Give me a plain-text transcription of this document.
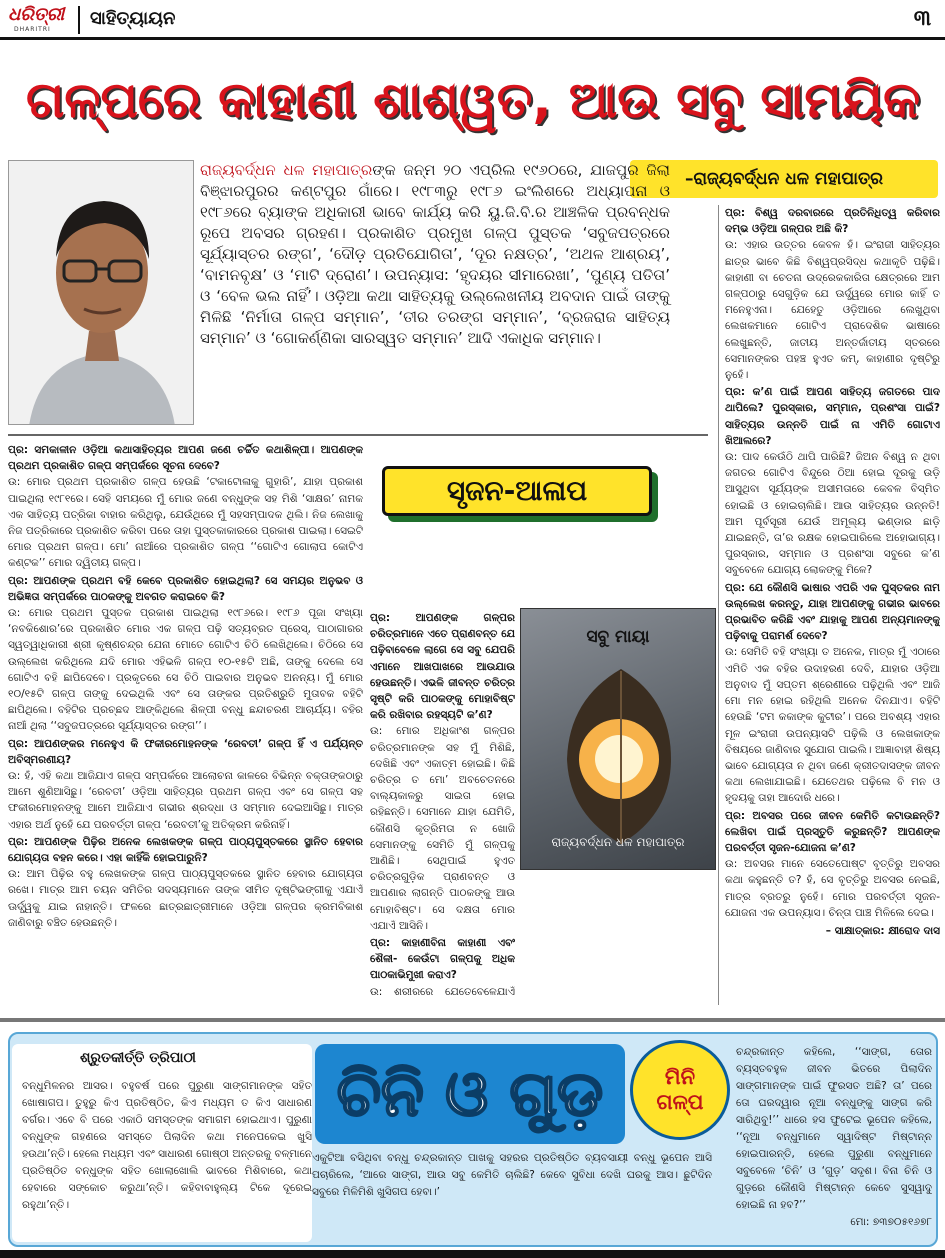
ଧରିତ୍ରୀ
DHARITRI
ସାହିତ୍ୟାୟନ	୩
ଗଳ୍ପରେ କାହାଣୀ ଶାଶ୍ୱତ, ଆଉ ସବୁ ସାମୟିକ
–ରାଜ୍ୟବର୍ଦ୍ଧନ ଧଳ ମହାପାତ୍ର

ରାଜ୍ୟବର୍ଦ୍ଧନ ଧଳ ମହାପାତ୍ରଙ୍କ ଜନ୍ମ ୨୦ ଏପ୍ରିଲ ୧୯୬୦ରେ, ଯାଜପୁର ଜିଲା ବିଞ୍ଝାରପୁରର କଣ୍ଟପୁର ଗାଁରେ। ୧୯୮୩ରୁ ୧୯୮୬ ଇଂଲିଶରେ ଅଧ୍ୟାପନା ଓ ୧୯୮୬ରେ ବ୍ୟାଙ୍କ ଅଧିକାରୀ ଭାବେ କାର୍ଯ୍ୟ କରି ୟୁ.ଜି.ବି.ର ଆଞ୍ଚଳିକ ପ୍ରବନ୍ଧକ ରୂପେ ଅବସର ଗ୍ରହଣ। ପ୍ରକାଶିତ ପ୍ରମୁଖ ଗଳ୍ପ ପୁସ୍ତକ ‘ସବୁଜପତ୍ରରେ ସୂର୍ଯ୍ୟାସ୍ତର ରଙ୍ଗ’, ‘ଦୌଡ଼ ପ୍ରତିଯୋଗିତା’, ‘ଦୂର ନକ୍ଷତ୍ର’, ‘ଅଥଳ ଆଶ୍ରୟ’, ‘ବାମନବୃକ୍ଷ’ ଓ ‘ମାଟି ଦ୍ରୋଣ’। ଉପନ୍ୟାସ: ‘ହୃଦୟର ସୀମାରେଖା’, ‘ପୁଣ୍ୟ ପତିତା’ ଓ ‘ବେଳ ଭଲ ନାହିଁ’। ଓଡ଼ିଆ କଥା ସାହିତ୍ୟକୁ ଉଲ୍ଲେଖନୀୟ ଅବଦାନ ପାଇଁ ତାଙ୍କୁ ମିଳିଛି ‘ନିର୍ମାତା ଗଳ୍ପ ସମ୍ମାନ’, ‘ତୀର ତରଙ୍ଗ ସମ୍ମାନ’, ‘ବ୍ରଜରାଜ ସାହିତ୍ୟ ସମ୍ମାନ’ ଓ ‘ଗୋକର୍ଣ୍ଣିକା ସାରସ୍ୱତ ସମ୍ମାନ’ ଆଦି ଏକାଧିକ ସମ୍ମାନ।

ପ୍ର: ସମକାଳୀନ ଓଡ଼ିଆ କଥାସାହିତ୍ୟର ଆପଣ ଜଣେ ଚର୍ଚ୍ଚିତ କଥାଶିଳ୍ପୀ। ଆପଣଙ୍କ ପ୍ରଥମ ପ୍ରକାଶିତ ଗଳ୍ପ ସମ୍ପର୍କରେ ସୂଚନା ଦେବେ?

ଉ: ମୋର ପ୍ରଥମ ପ୍ରକାଶିତ ଗଳ୍ପ ହେଉଛି ‘ଟକାଟୋଳାକୁ ଗୁହାରି’, ଯାହା ପ୍ରକାଶ ପାଇଥିଲା ୧୯୮୧ରେ। ସେହି ସମୟରେ ମୁଁ ମୋର ଜଣେ ବନ୍ଧୁଙ୍କ ସହ ମିଶି ‘ସାକ୍ଷର’ ନାମକ ଏକ ସାହିତ୍ୟ ପତ୍ରିକା ବାହାର କରିଥିଲୁ, ଯେଉଁଥିରେ ମୁଁ ସହସମ୍ପାଦକ ଥିଲି। ନିଜ ଲେଖାକୁ ନିଜ ପତ୍ରିକାରେ ପ୍ରକାଶିତ କରିବା ପରେ ତାହା ପୁସ୍ତକାକାରରେ ପ୍ରକାଶ ପାଇଲା। ସେଇଟି ମୋର ପ୍ରଥମ ଗଳ୍ପ। ମୋ’ ନାଆଁରେ ପ୍ରକାଶିତ ଗଳ୍ପ ‘‘ଗୋଟିଏ ଗୋଲାପ କୋଟିଏ କଣ୍ଟକ’’ ମୋର ଦ୍ୱିତୀୟ ଗଳ୍ପ।

ପ୍ର: ଆପଣଙ୍କ ପ୍ରଥମ ବହି କେବେ ପ୍ରକାଶିତ ହୋଇଥିଲା? ସେ ସମୟର ଅନୁଭବ ଓ ଅଭିଜ୍ଞତା ସମ୍ପର୍କରେ ପାଠକଙ୍କୁ ଅବଗତ କରାଇବେ କି?

ଉ: ମୋର ପ୍ରଥମ ପୁସ୍ତକ ପ୍ରକାଶ ପାଇଥିଲା ୧୯୮୬ରେ। ୧୯୮୬ ପୂଜା ସଂଖ୍ୟା ‘ନବକିଶୋର’ରେ ପ୍ରକାଶିତ ମୋର ଏକ ଗଳ୍ପ ପଢ଼ି ସତ୍ୟବ୍ରତ ପ୍ରେସ୍‌, ପାଠାଗାରର ସ୍ୱତ୍ୱାଧିକାରୀ ଶ୍ରୀ କୃଷ୍ଣଚନ୍ଦ୍ର ଯେନା ମୋତେ ଗୋଟିଏ ଚିଠି ଲେଖିଥିଲେ। ଚିଠିରେ ସେ ଉଲ୍ଲେଖ କରିଥିଲେ ଯଦି ମୋର ଏହିଭଳି ଗଳ୍ପ ୧୦-୧୫ଟି ଅଛି, ତାଙ୍କୁ ଦେଲେ ସେ ଗୋଟିଏ ବହି ଛାପିଦେବେ। ପ୍ରକୃତରେ ସେ ଚିଠି ପାଇବାର ଅନୁଭବ ଅନନ୍ୟ। ମୁଁ ମୋର ୧୦/୧୫ଟି ଗଳ୍ପ ତାଙ୍କୁ ଦେଇଥିଲି ଏବଂ ସେ ତାଙ୍କର ପ୍ରତିଶ୍ରୁତି ମୁତାବକ ବହିଟି ଛାପିଥିଲେ। ବହିଟିର ପ୍ରଚ୍ଛଦ ଆଙ୍କିଥିଲେ ଶିଳ୍ପୀ ବନ୍ଧୁ ଛନ୍ଦାଚରଣ ଆଚାର୍ଯ୍ୟ। ବହିର ନାଆଁ ଥିଲା ‘‘ସବୁଜପତ୍ରରେ ସୂର୍ଯ୍ୟାସ୍ତର ରଙ୍ଗ’’।

ପ୍ର: ଆପଣଙ୍କର ମନେହୁଏ କି ଫକୀରମୋହନଙ୍କ ‘ରେବତୀ’ ଗଳ୍ପ ହିଁ ଏ ପର୍ଯ୍ୟନ୍ତ ଅବିସ୍ମରଣୀୟ?

ଉ: ହଁ, ଏହି କଥା ଆଜିଯାଏ ଗଳ୍ପ ସମ୍ପର୍କରେ ଆଲୋଚନା କାଳରେ ବିଭିନ୍ନ ବକ୍ତାଙ୍କଠାରୁ ଆମେ ଶୁଣିଆସିଛୁ। ‘ରେବତୀ’ ଓଡ଼ିଆ ସାହିତ୍ୟର ପ୍ରଥମ ଗଳ୍ପ ଏବଂ ସେ ଗଳ୍ପ ସହ ଫକୀରମୋହନଙ୍କୁ ଆମେ ଆଜିଯାଏ ଗଭୀର ଶ୍ରଦ୍ଧା ଓ ସମ୍ମାନ ଦେଇଆସିଛୁ। ମାତ୍ର ଏହାର ଅର୍ଥ ନୁହେଁ ଯେ ପରବର୍ତ୍ତୀ ଗଳ୍ପ ‘ରେବତୀ’କୁ ଅତିକ୍ରମ କରିନାହିଁ।

ପ୍ର: ଆପଣଙ୍କ ପିଢ଼ିର ଅନେକ ଲେଖକଙ୍କ ଗଳ୍ପ ପାଠ୍ୟପୁସ୍ତକରେ ସ୍ଥାନିତ ହେବାର ଯୋଗ୍ୟତା ବହନ କରେ। ଏହା କାହିଁକି ହୋଇପାରୁନି?

ଉ: ଆମ ପିଢ଼ିର ବହୁ ଲେଖକଙ୍କ ଗଳ୍ପ ପାଠ୍ୟପୁସ୍ତକରେ ସ୍ଥାନିତ ହେବାର ଯୋଗ୍ୟତା ରଖେ। ମାତ୍ର ଆମ ଚୟନ ସମିତିର ସଦସ୍ୟମାନେ ତାଙ୍କ ସୀମିତ ଦୃଷ୍ଟିଭଙ୍ଗୀକୁ ଏଯାଏଁ ଊର୍ଦ୍ଧ୍ୱକୁ ଯାଇ ନାହାନ୍ତି। ଫଳରେ ଛାତ୍ରଛାତ୍ରୀମାନେ ଓଡ଼ିଆ ଗଳ୍ପର କ୍ରମବିକାଶ ଜାଣିବାରୁ ବଞ୍ଚିତ ହେଉଛନ୍ତି।

ସୃଜନ-ଆଳାପ

ପ୍ର: ଆପଣଙ୍କ ଗଳ୍ପର ଚରିତ୍ରମାନେ ଏତେ ପ୍ରାଣବନ୍ତ ଯେ ପଢ଼ିବାବେଳେ ଲାଗେ ସେ ସବୁ ଯେପରି ଏମାନେ ଆଖପାଖରେ ଆଉଯାଉ ହେଉଛନ୍ତି। ଏଭଳି ଜୀବନ୍ତ ଚରିତ୍ର ସୃଷ୍ଟି କରି ପାଠକଙ୍କୁ ମୋହାବିଷ୍ଟ କରି ରଖିବାର ରହସ୍ୟଟି କ’ଣ?

ଉ: ମୋର ଅଧିକାଂଶ ଗଳ୍ପର ଚରିତ୍ରମାନଙ୍କ ସହ ମୁଁ ମିଶିଛି, ଦେଖିଛି ଏବଂ ଏକାତ୍ମ ହୋଇଛି। କିଛି ଚରିତ୍ର ତ ମୋ’ ଅବଚେତନରେ ବାଲ୍ୟକାଳରୁ ସାଇତା ହୋଇ ରହିଛନ୍ତି। ସେମାନେ ଯାହା ଯେମିତି, କୌଣସି କୃତ୍ରିମତା ନ ଖୋଜି ସେମାନଙ୍କୁ ସେମିତି ମୁଁ ଗଳ୍ପକୁ ଆଣିଛି। ସେଥିପାଇଁ ହୁଏତ ଚରିତ୍ରଗୁଡ଼ିକ ପ୍ରାଣବନ୍ତ ଓ ଆପଣାର ଲାଗନ୍ତି ପାଠକଙ୍କୁ ଆଉ ମୋହାବିଷ୍ଟ। ସେ ଦକ୍ଷତା ମୋର ଏଯାଏଁ ଆସିନି।

ପ୍ର: କାହାଣୀବିନା କାହାଣୀ ଏବଂ ଶୈଳୀ- କେଉଁଟା ଗଳ୍ପକୁ ଅଧିକ ପାଠକାଭିମୁଖୀ କରାଏ?

ଉ: ଶରୀରରେ ଯେତେବେଳେଯାଏଁ

ସବୁ ମାୟା
ରାଜ୍ୟବର୍ଦ୍ଧନ ଧଳ ମହାପାତ୍ର

ପ୍ର: ବିଶ୍ୱ ଦରବାରରେ ପ୍ରତିନିଧିତ୍ୱ କରିବାର ଦମ୍ଭ ଓଡ଼ିଆ ଗଳ୍ପର ଅଛି କି?

ଉ: ଏହାର ଉତ୍ତର କେବଳ ହଁ। ଇଂରାଜୀ ସାହିତ୍ୟର ଛାତ୍ର ଭାବେ କିଛି ବିଶ୍ୱପ୍ରସିଦ୍ଧ କଥାକୃତି ପଢ଼ିଛି। କାହାଣୀ ବା ଚେତନା ଉଦ୍ରେକକାରିତା କ୍ଷେତ୍ରରେ ଆମ ଗଳ୍ପଠାରୁ ସେଗୁଡ଼ିକ ଯେ ଊର୍ଦ୍ଧ୍ୱରେ ମୋର କାହିଁ ତ ମନେହୁଏନା। ଯେହେତୁ ଓଡ଼ିଆରେ ଲେଖୁଥିବା ଲେଖକମାନେ ଗୋଟିଏ ପ୍ରାଦେଶିକ ଭାଷାରେ ଲେଖୁଛନ୍ତି, ଜାତୀୟ ଅନ୍ତର୍ଜାତୀୟ ସ୍ତରରେ ସେମାନଙ୍କର ପହଞ୍ଚ ହୁଏତ କମ୍‌, କାହାଣୀର ଦୃଷ୍ଟିରୁ ନୁହେଁ।

ପ୍ର: କ’ଣ ପାଇଁ ଆପଣ ସାହିତ୍ୟ ଜଗତରେ ପାଦ ଥାପିଲେ? ପୁରସ୍କାର, ସମ୍ମାନ, ପ୍ରଶଂସା ପାଇଁ? ସାହିତ୍ୟର ଉନ୍ନତି ପାଇଁ ନା ଏମିତି ଗୋଟାଏ ଖିଆଲରେ?

ଉ: ପାଦ କେଉଁଠି ଥାପି ପାରିଛି? ଜିଅନ ବିଶ୍ୱ ନ ଥିବା ଜଗତର ଗୋଟିଏ ବିନ୍ଦୁରେ ଠିଆ ହୋଇ ଦୂରକୁ ଉଡ଼ି ଆସୁଥିବା ସୂର୍ଯ୍ୟଙ୍କ ଅସୀମତାରେ କେବଳ ବିସ୍ମିତ ହୋଇଛି ଓ ହୋଇଚାଲିଛି। ଆଉ ସାହିତ୍ୟର ଉନ୍ନତି! ଆମ ପୂର୍ବସୂରୀ ଯେଉଁ ଅମୂଲ୍ୟ ଭଣ୍ଡାର ଛାଡ଼ି ଯାଇଛନ୍ତି, ତା’ର ରକ୍ଷକ ହୋଇପାରିଲେ ଅହୋଭାଗ୍ୟ। ପୁରସ୍କାର, ସମ୍ମାନ ଓ ପ୍ରଶଂସା ସବୁରେ କ’ଣ ସବୁବେଳେ ଯୋଗ୍ୟ ଲୋକଙ୍କୁ ମିଳେ?

ପ୍ର: ଯେ କୌଣସି ଭାଷାର ଏପରି ଏକ ପୁସ୍ତକର ନାମ ଉଲ୍ଲେଖ କରନ୍ତୁ, ଯାହା ଆପଣଙ୍କୁ ଗଭୀର ଭାବରେ ପ୍ରଭାବିତ କରିଛି ଏବଂ ଯାହାକୁ ଆପଣ ଅନ୍ୟମାନଙ୍କୁ ପଢ଼ିବାକୁ ପରାମର୍ଶ ଦେବେ?

ଉ: ସେମିତି ବହି ସଂଖ୍ୟା ତ ଅନେକ, ମାତ୍ର ମୁଁ ଏଠାରେ ଏମିତି ଏକ ବହିର ଉଦାହରଣ ଦେବି, ଯାହାର ଓଡ଼ିଆ ଅନୁବାଦ ମୁଁ ସପ୍ତମ ଶ୍ରେଣୀରେ ପଢ଼ିଥିଲି ଏବଂ ଆଜି ମୋ ମନ ହୋଇ ରହିଥିଲି ଅନେକ ଦିନଯାଏ। ବହିଟି ହେଉଛି ‘ଟମ କକାଙ୍କ କୁଟୀର’। ପରେ ଅବଶ୍ୟ ଏହାର ମୂଳ ଇଂରାଜୀ ଉପନ୍ୟାସଟି ପଢ଼ିଲି ଓ ଲେଖକାଙ୍କ ବିଷୟରେ ଜାଣିବାର ସୁଯୋଗ ପାଇଲି। ଆଜ୍ଞାବାହୀ ଶିଷ୍ୟ ଭାବେ ଯୋଗ୍ୟତା ନ ଥିବା ଜଣେ କ୍ରୀତଦାସଙ୍କ ଜୀବନ କଥା ଲେଖାଯାଇଛି। ଯେତେଥର ପଢ଼ିଲେ ବି ମନ ଓ ହୃଦୟକୁ ତାହା ଆଦୋରି ଧରେ।

ପ୍ର: ଅବସର ପରେ ଜୀବନ କେମିତି କଟାଉଛନ୍ତି? ଲେଖିବା ପାଇଁ ପ୍ରସ୍ତୁତି କରୁଛନ୍ତି? ଆପଣଙ୍କ ପରବର୍ତ୍ତୀ ସୃଜନ-ଯୋଜନା କ’ଣ?

ଉ: ଅବସର ମାନେ ସେତେପୋଷ୍ଟ ବୃତ୍ତିରୁ ଅବସର କଥା କହୁଛନ୍ତି ତ? ହଁ, ସେ ବୃତ୍ତିରୁ ଅବସର ନେଇଛି, ମାତ୍ର ବ୍ରତରୁ ନୁହେଁ। ମୋର ପରବର୍ତ୍ତୀ ସୃଜନ-ଯୋଜନା ଏକ ଉପନ୍ୟାସ। ଚିନ୍ତା ପାଞ୍ଚ ମିଳିଲେ ଦେଇ।

– ସାକ୍ଷାତ୍କାର: କ୍ଷୀରୋଦ ଦାସ

ଶ୍ରୁତକୀର୍ତ୍ତି ତ୍ରିପାଠୀ

ବନ୍ଧୁମିଳନର ଆସର। ବହୁବର୍ଷ ପରେ ପୁରୁଣା ସାଙ୍ଗମାନଙ୍କ ସହିତ ଖୋଷାଗପ। ତୁହୁରୁ କିଏ ପ୍ରତିଷ୍ଠିତ, କିଏ ମଧ୍ୟମ ତ କିଏ ସାଧାରଣ ବର୍ଗର। ଏବେ ବି ପରେ ଏକାଠି ସମସ୍ତଙ୍କ ସମାଗମ ହୋଇଥାଏ। ପୁରୁଣା ବନ୍ଧୁଙ୍କ ଗହଣରେ ସମସ୍ତେ ପିଲାଦିନ କଥା ମନେପକେଇ ଖୁସି ହଉଥା’ନ୍ତି। ହେଲେ ମଧ୍ୟମ ଏବଂ ସାଧାରଣ ଗୋଷ୍ଠୀ ଅନ୍ତରକୁ ବଳ୍ମାନେ ପ୍ରତିଷ୍ଠିତ ବନ୍ଧୁଙ୍କ ସହିତ ଖୋଲାଖୋଲି ଭାବରେ ମିଶିବାରେ, କଥା ହେବାରେ ସଙ୍କୋଚ କରୁଥା’ନ୍ତି। କହିବାବାହୁଲ୍ୟ ଟିକେ ଦୂରେଇ ରହୁଥା’ନ୍ତି।

ଚିନି ଓ ଗୁଡ଼	ମିନି
ଗଳ୍ପ

ଏକୁଟିଆ ବସିଥିବା ବନ୍ଧୁ ଚନ୍ଦ୍ରକାନ୍ତ ପାଖକୁ ସହରର ପ୍ରତିଷ୍ଠିତ ବ୍ୟବସାୟୀ ବନ୍ଧୁ ଭୂପେନ ଆସି ପଚାରିଲେ, ‘ଆରେ ସାଙ୍ଗ, ଆଉ ସବୁ କେମିତି ଚାଲିଛି? କେବେ ସୁବିଧା ଦେଖି ଘରକୁ ଆସ। ଛୁଟିଦିନ ସବୁରେ ମିଳିମିଶି ଖୁସିଗପ ହେବା।’

ଚନ୍ଦ୍ରକାନ୍ତ କହିଲେ, ‘‘ସାଙ୍ଗ, ତୋର ବ୍ୟସ୍ତବହୁଳ ଜୀବନ ଭିତରେ ପିଲାଦିନ ସାଙ୍ଗମାନଙ୍କ ପାଇଁ ଫୁରସତ ଅଛି? ତା’ ପରେ ତୋ ଘରଦ୍ୱାର ନୂଆ ବନ୍ଧୁଙ୍କୁ ସାଙ୍ଗ କରି ସାରିଥିବୁ!’’ ଧାରେ ହସ ଫୁଟେଇ ଭୂପେନ କହିଲେ, ‘‘ନୂଆ ବନ୍ଧୁମାନେ ସ୍ୱାଦିଷ୍ଟ ମିଷ୍ଟାନ୍ନ ହୋଇପାରନ୍ତି, ହେଲେ ପୁରୁଣା ବନ୍ଧୁମାନେ ସବୁବେଳେ ‘ଚିନି’ ଓ ‘ଗୁଡ଼’ ସଦୃଶ। ବିନା ଚିନି ଓ ଗୁଡ଼ରେ କୌଣସି ମିଷ୍ଟାନ୍ନ କେବେ ସୁସ୍ୱାଦୁ ହୋଇଛି ନା ହବ?’’

ମୋ: ୭୩୭୦୫୧୬୭୮
